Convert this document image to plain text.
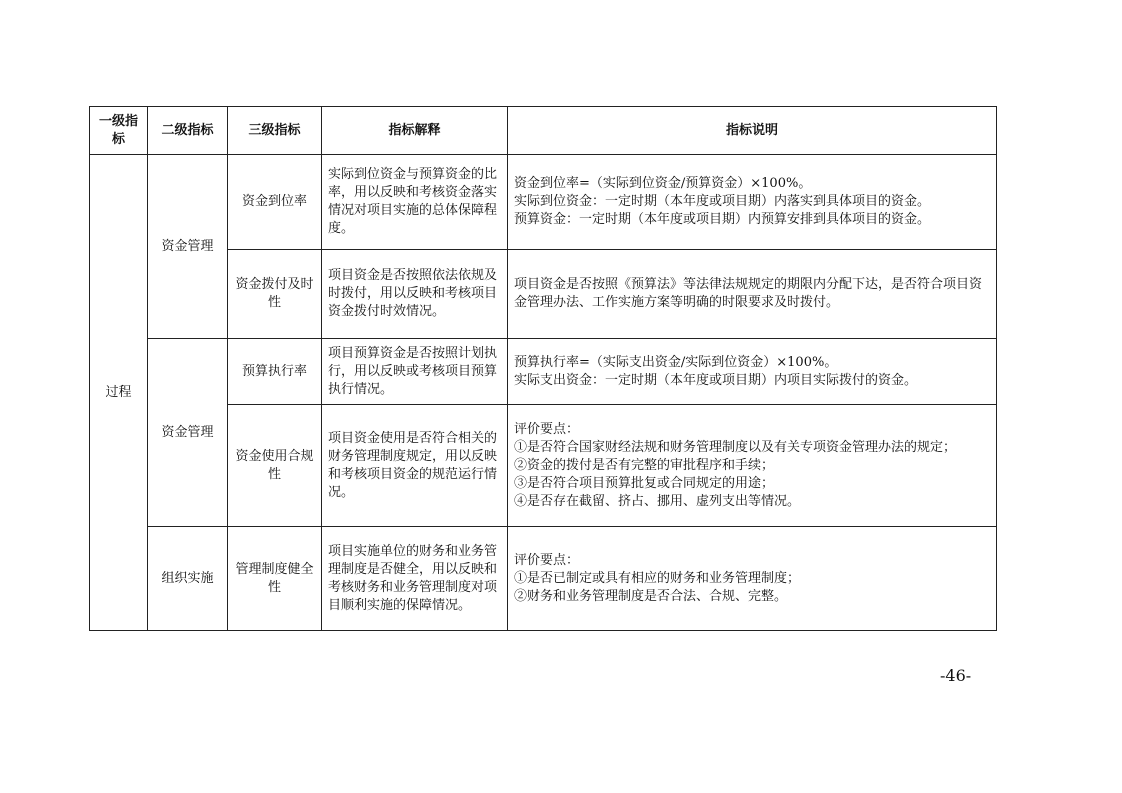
一级指标	二级指标	三级指标	指标解释	指标说明
过程	资金管理	资金到位率	实际到位资金与预算资金的比率，用以反映和考核资金落实情况对项目实施的总体保障程度。	资金到位率=（实际到位资金/预算资金）×100%。
实际到位资金：一定时期（本年度或项目期）内落实到具体项目的资金。
预算资金：一定时期（本年度或项目期）内预算安排到具体项目的资金。

		资金拨付及时性	项目资金是否按照依法依规及时拨付，用以反映和考核项目资金拨付时效情况。	项目资金是否按照《预算法》等法律法规规定的期限内分配下达，是否符合项目资金管理办法、工作实施方案等明确的时限要求及时拨付。

	资金管理	预算执行率	项目预算资金是否按照计划执行，用以反映或考核项目预算执行情况。	预算执行率=（实际支出资金/实际到位资金）×100%。
实际支出资金：一定时期（本年度或项目期）内项目实际拨付的资金。

		资金使用合规性	项目资金使用是否符合相关的财务管理制度规定，用以反映和考核项目资金的规范运行情况。	评价要点：
①是否符合国家财经法规和财务管理制度以及有关专项资金管理办法的规定；
②资金的拨付是否有完整的审批程序和手续；
③是否符合项目预算批复或合同规定的用途；
④是否存在截留、挤占、挪用、虚列支出等情况。

	组织实施	管理制度健全性	项目实施单位的财务和业务管理制度是否健全，用以反映和考核财务和业务管理制度对项目顺利实施的保障情况。	评价要点：
①是否已制定或具有相应的财务和业务管理制度；
②财务和业务管理制度是否合法、合规、完整。
-46-
